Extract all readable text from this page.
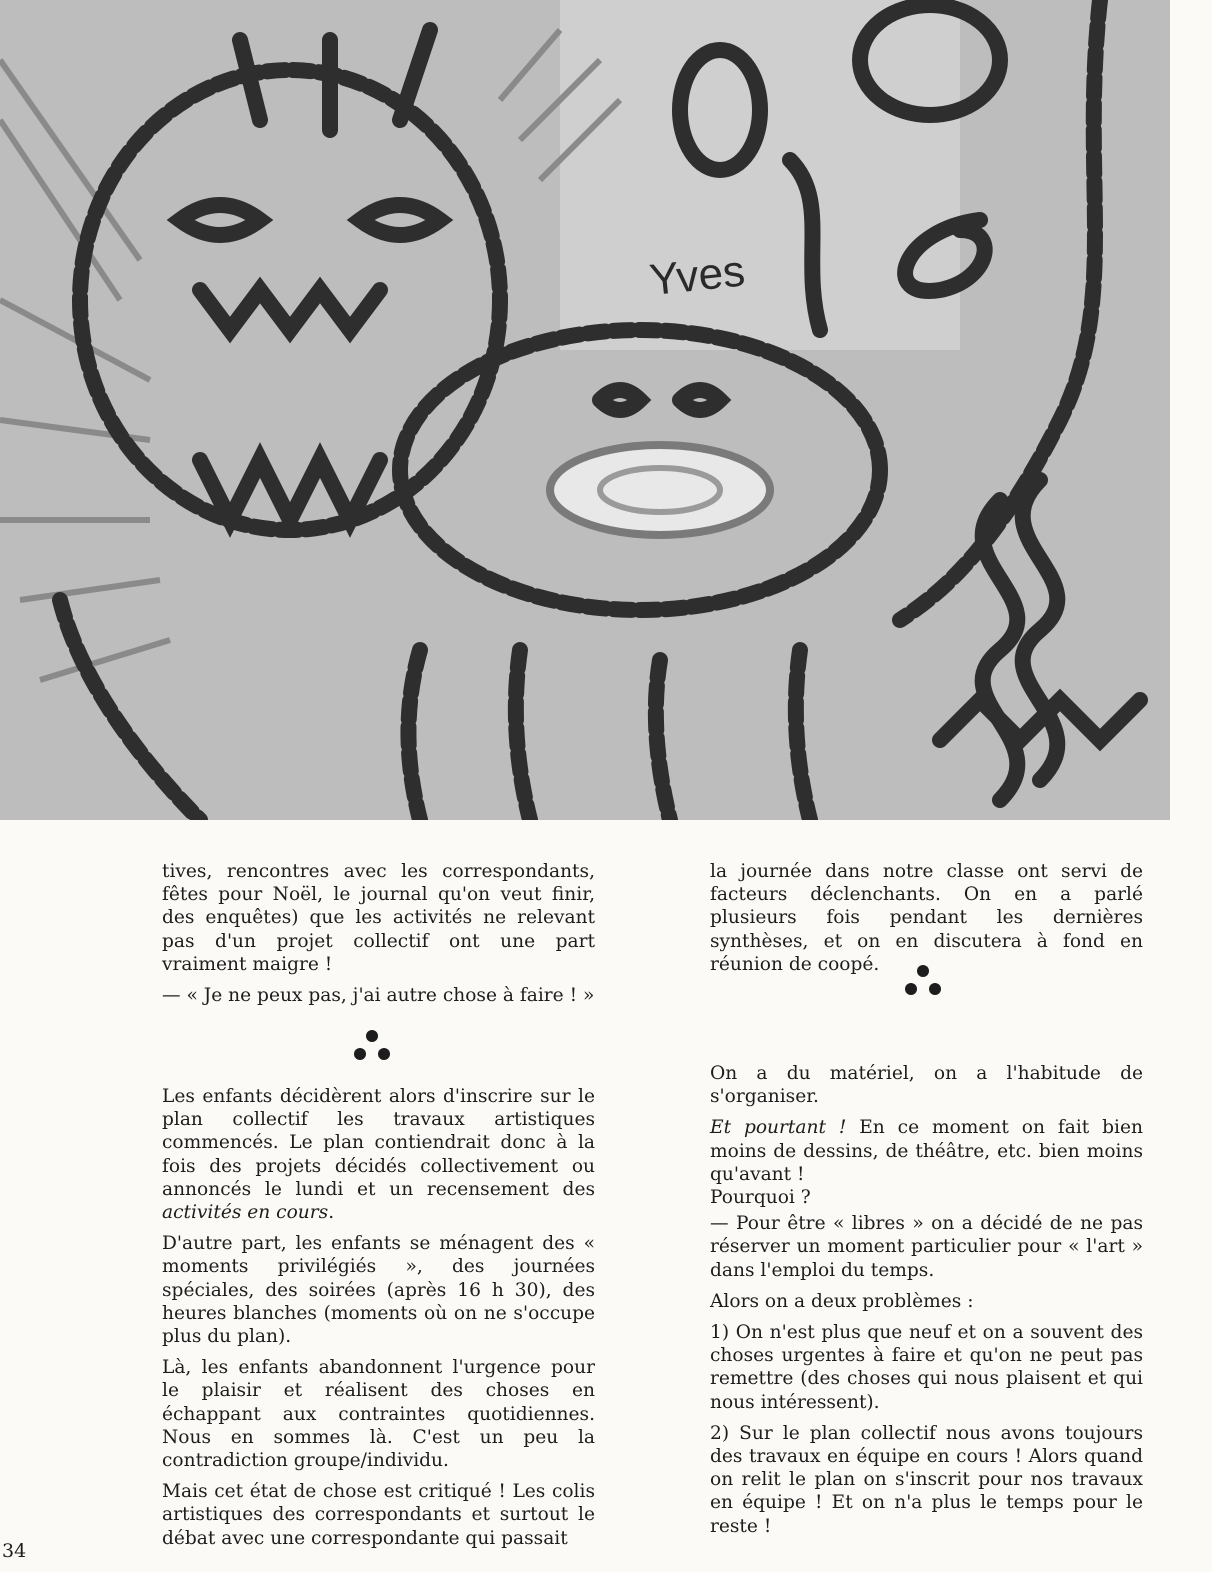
Yves

tives, rencontres avec les correspondants, fêtes pour Noël, le journal qu'on veut finir, des enquêtes) que les activités ne relevant pas d'un projet collectif ont une part vraiment maigre !

— « Je ne peux pas, j'ai autre chose à faire ! »

Les enfants décidèrent alors d'inscrire sur le plan collectif les travaux artistiques commencés. Le plan contiendrait donc à la fois des projets décidés collectivement ou annoncés le lundi et un recensement des activités en cours.

D'autre part, les enfants se ménagent des « moments privilégiés », des journées spéciales, des soirées (après 16 h 30), des heures blanches (moments où on ne s'occupe plus du plan).

Là, les enfants abandonnent l'urgence pour le plaisir et réalisent des choses en échappant aux contraintes quotidiennes. Nous en sommes là. C'est un peu la contradiction groupe/individu.

Mais cet état de chose est critiqué ! Les colis artistiques des correspondants et surtout le débat avec une correspondante qui passait

la journée dans notre classe ont servi de facteurs déclenchants. On en a parlé plusieurs fois pendant les dernières synthèses, et on en discutera à fond en réunion de coopé.

On a du matériel, on a l'habitude de s'organiser.

Et pourtant ! En ce moment on fait bien moins de dessins, de théâtre, etc. bien moins qu'avant !
Pourquoi ?

— Pour être « libres » on a décidé de ne pas réserver un moment particulier pour « l'art » dans l'emploi du temps.

Alors on a deux problèmes :

1) On n'est plus que neuf et on a souvent des choses urgentes à faire et qu'on ne peut pas remettre (des choses qui nous plaisent et qui nous intéressent).

2) Sur le plan collectif nous avons toujours des travaux en équipe en cours ! Alors quand on relit le plan on s'inscrit pour nos travaux en équipe ! Et on n'a plus le temps pour le reste !

34
